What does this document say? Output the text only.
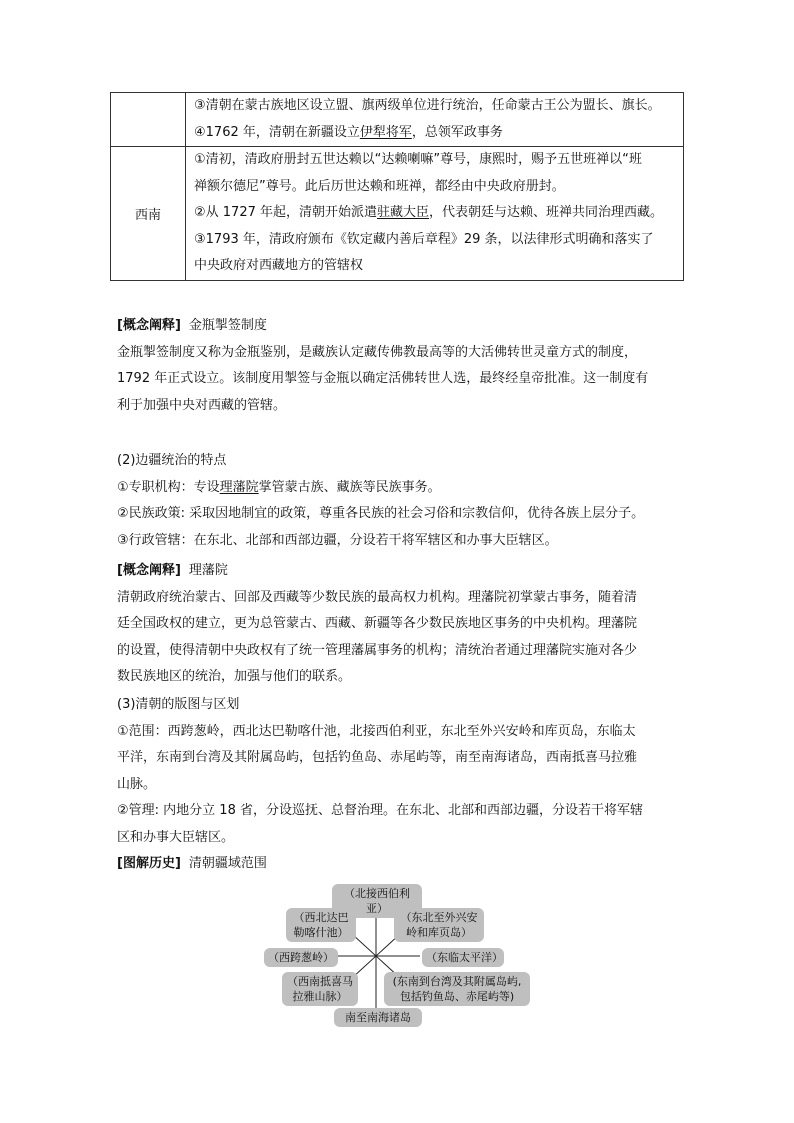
	③清朝在蒙古族地区设立盟、旗两级单位进行统治，任命蒙古王公为盟长、旗长。
④1762 年，清朝在新疆设立伊犁将军，总领军政事务

西南	①清初，清政府册封五世达赖以“达赖喇嘛”尊号，康熙时，赐予五世班禅以“班
禅额尔德尼”尊号。此后历世达赖和班禅，都经由中央政府册封。
②从 1727 年起，清朝开始派遣驻藏大臣，代表朝廷与达赖、班禅共同治理西藏。
③1793 年，清政府颁布《钦定藏内善后章程》29 条，以法律形式明确和落实了
中央政府对西藏地方的管辖权
[概念阐释] 金瓶掣签制度
金瓶掣签制度又称为金瓶鉴别，是藏族认定藏传佛教最高等的大活佛转世灵童方式的制度，
1792 年正式设立。该制度用掣签与金瓶以确定活佛转世人选，最终经皇帝批准。这一制度有
利于加强中央对西藏的管辖。
(2)边疆统治的特点
①专职机构：专设理藩院掌管蒙古族、藏族等民族事务。
②民族政策: 采取因地制宜的政策，尊重各民族的社会习俗和宗教信仰，优待各族上层分子。
③行政管辖：在东北、北部和西部边疆，分设若干将军辖区和办事大臣辖区。
[概念阐释] 理藩院
清朝政府统治蒙古、回部及西藏等少数民族的最高权力机构。理藩院初掌蒙古事务，随着清
廷全国政权的建立，更为总管蒙古、西藏、新疆等各少数民族地区事务的中央机构。理藩院
的设置，使得清朝中央政权有了统一管理藩属事务的机构；清统治者通过理藩院实施对各少
数民族地区的统治，加强与他们的联系。
(3)清朝的版图与区划
①范围：西跨葱岭，西北达巴勒喀什池，北接西伯利亚，东北至外兴安岭和库页岛，东临太
平洋，东南到台湾及其附属岛屿，包括钓鱼岛、赤尾屿等，南至南海诸岛，西南抵喜马拉雅
山脉。
②管理: 内地分立 18 省，分设巡抚、总督治理。在东北、北部和西部边疆，分设若干将军辖
区和办事大臣辖区。
[图解历史] 清朝疆域范围
（北接西伯利亚）
（西北达巴
勒喀什池）
（东北至外兴安
岭和库页岛）
（西跨葱岭）	（东临太平洋）
（西南抵喜马
拉雅山脉）
(东南到台湾及其附属岛屿,
包括钓鱼岛、赤尾屿等)
南至南海诸岛
